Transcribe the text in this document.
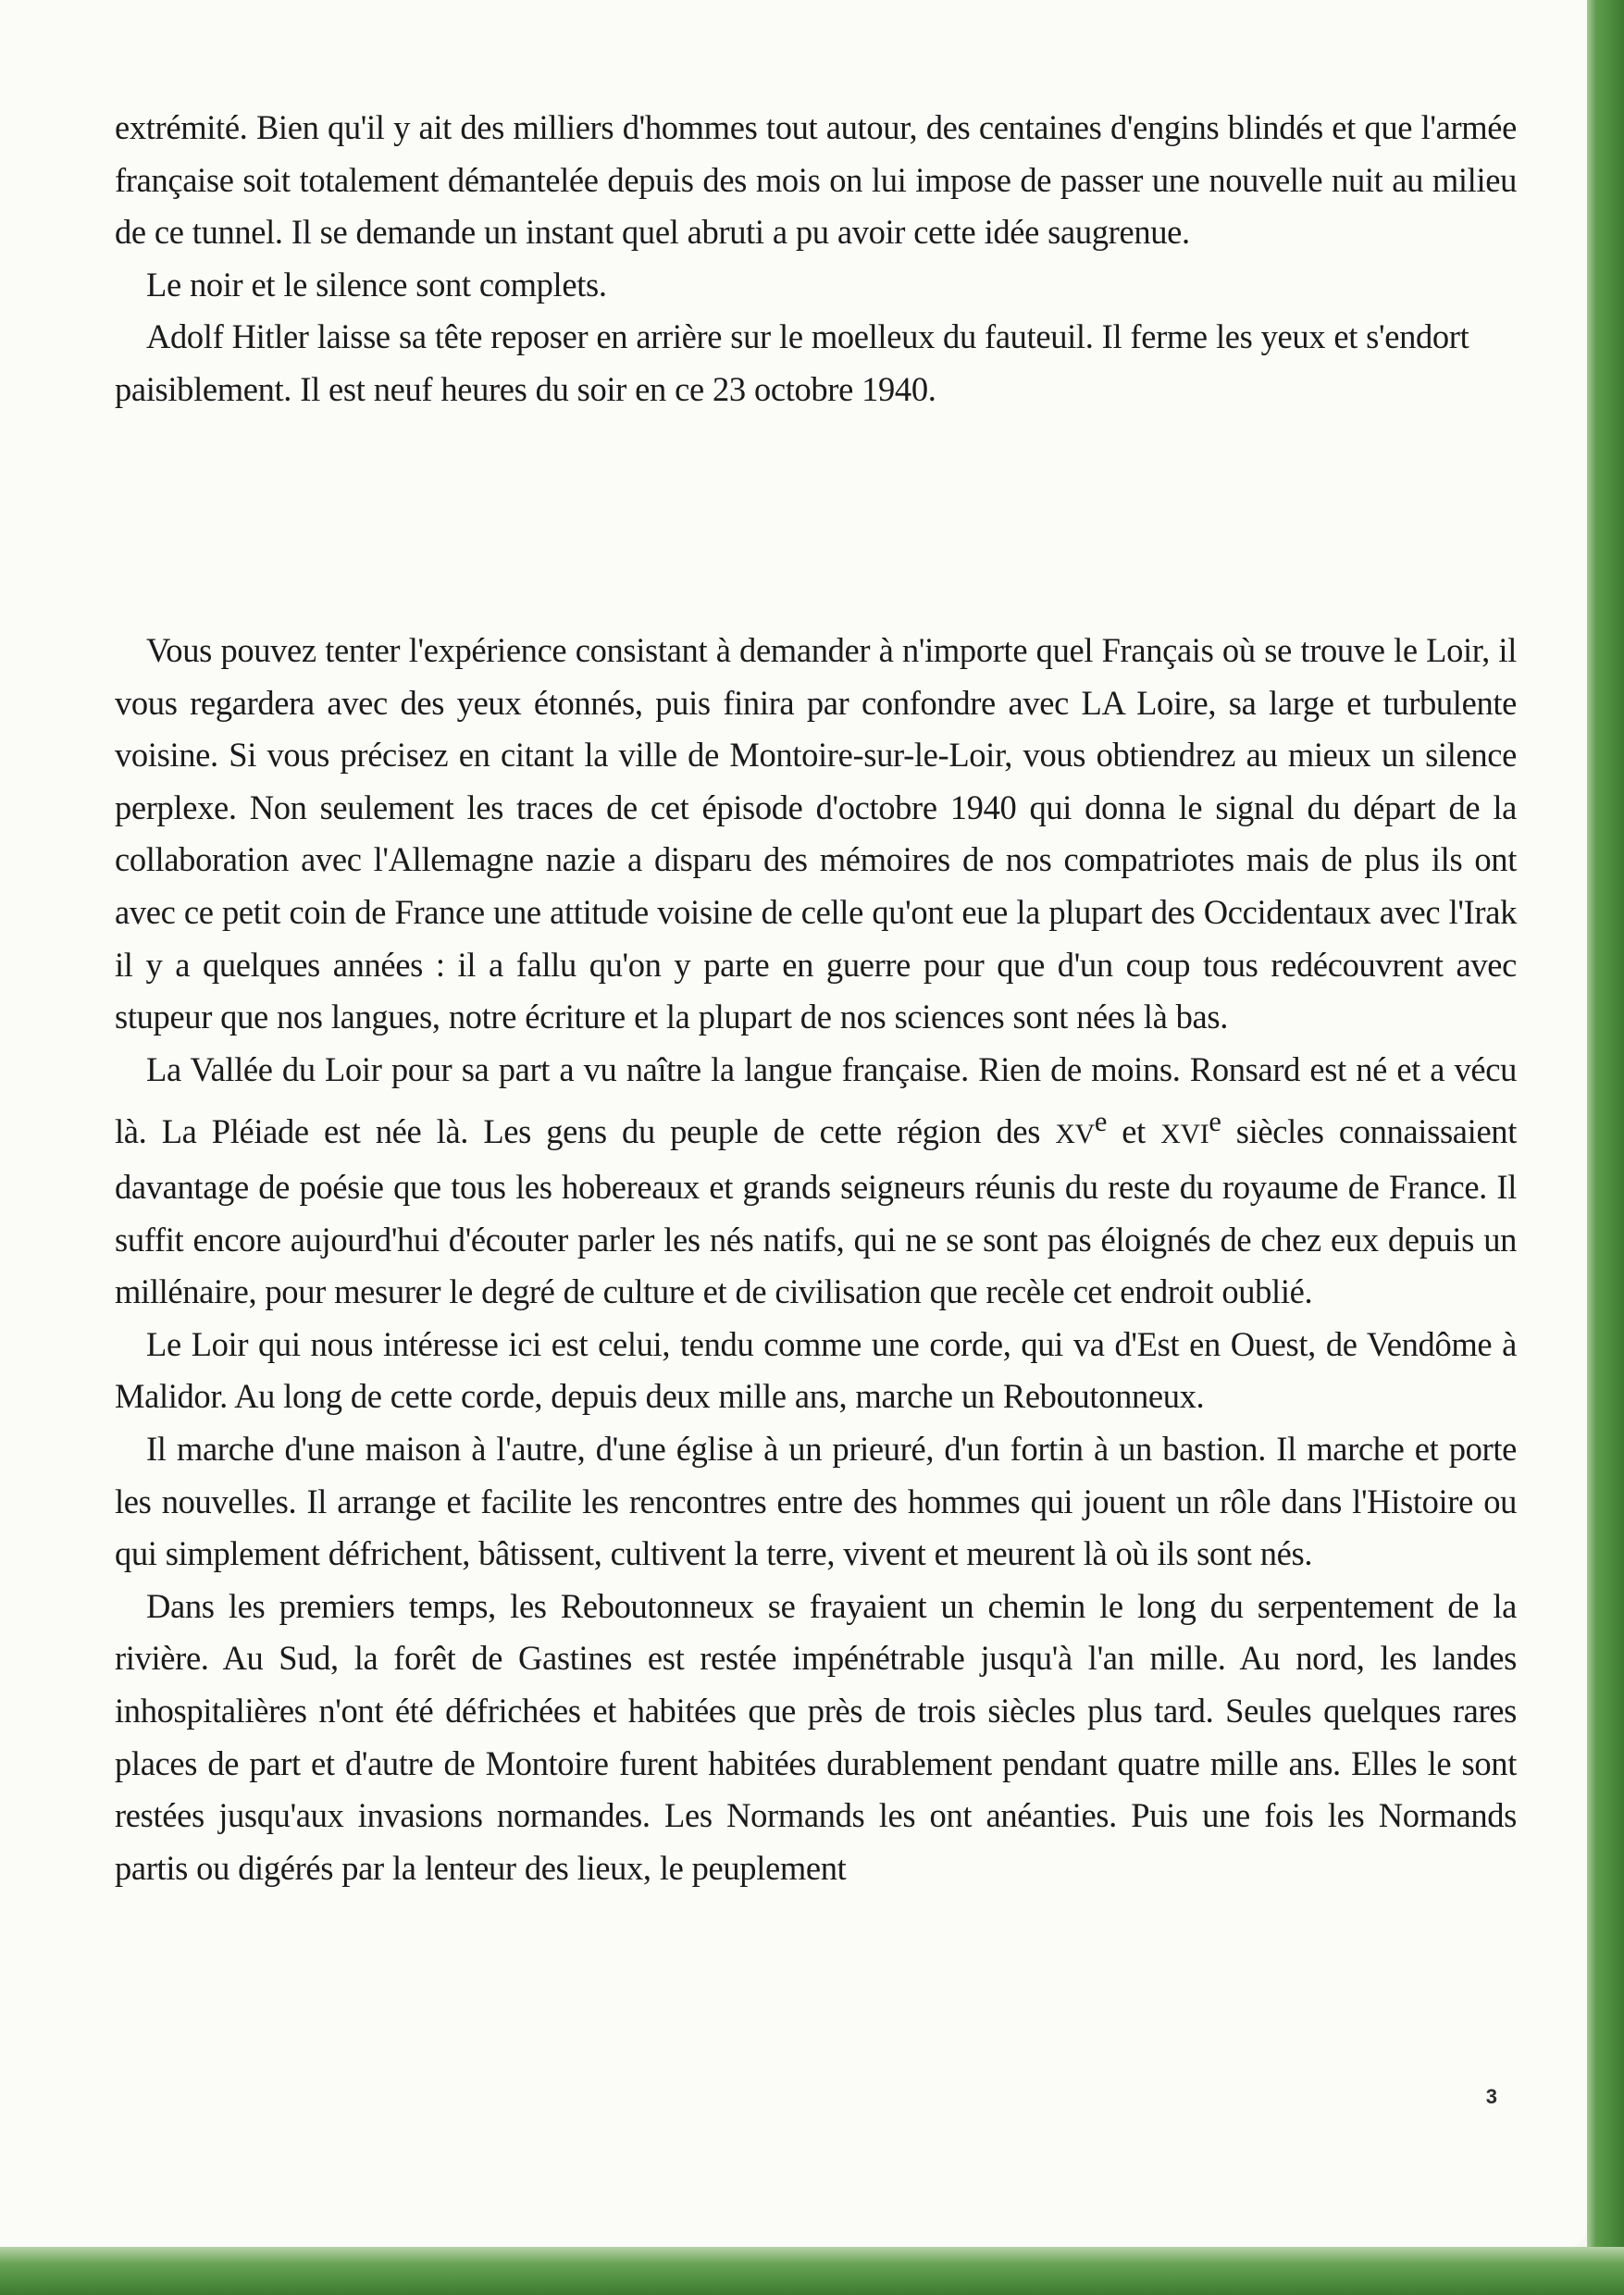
extrémité. Bien qu'il y ait des milliers d'hommes tout autour, des centaines d'engins blindés et que l'armée française soit totalement démantelée depuis des mois on lui impose de passer une nouvelle nuit au milieu de ce tunnel. Il se demande un instant quel abruti a pu avoir cette idée saugrenue.

Le noir et le silence sont complets.

Adolf Hitler laisse sa tête reposer en arrière sur le moelleux du fauteuil. Il ferme les yeux et s'endort paisiblement. Il est neuf heures du soir en ce 23 octobre 1940.

Vous pouvez tenter l'expérience consistant à demander à n'importe quel Français où se trouve le Loir, il vous regardera avec des yeux étonnés, puis finira par confondre avec LA Loire, sa large et turbulente voisine. Si vous précisez en citant la ville de Montoire-sur-le-Loir, vous obtiendrez au mieux un silence perplexe. Non seulement les traces de cet épisode d'octobre 1940 qui donna le signal du départ de la collaboration avec l'Allemagne nazie a disparu des mémoires de nos compatriotes mais de plus ils ont avec ce petit coin de France une attitude voisine de celle qu'ont eue la plupart des Occidentaux avec l'Irak il y a quelques années : il a fallu qu'on y parte en guerre pour que d'un coup tous redécouvrent avec stupeur que nos langues, notre écriture et la plupart de nos sciences sont nées là bas.

La Vallée du Loir pour sa part a vu naître la langue française. Rien de moins. Ronsard est né et a vécu là. La Pléiade est née là. Les gens du peuple de cette région des XVe et XVIe siècles connaissaient davantage de poésie que tous les hobereaux et grands seigneurs réunis du reste du royaume de France. Il suffit encore aujourd'hui d'écouter parler les nés natifs, qui ne se sont pas éloignés de chez eux depuis un millénaire, pour mesurer le degré de culture et de civilisation que recèle cet endroit oublié.

Le Loir qui nous intéresse ici est celui, tendu comme une corde, qui va d'Est en Ouest, de Vendôme à Malidor. Au long de cette corde, depuis deux mille ans, marche un Reboutonneux.

Il marche d'une maison à l'autre, d'une église à un prieuré, d'un fortin à un bastion. Il marche et porte les nouvelles. Il arrange et facilite les rencontres entre des hommes qui jouent un rôle dans l'Histoire ou qui simplement défrichent, bâtissent, cultivent la terre, vivent et meurent là où ils sont nés.

Dans les premiers temps, les Reboutonneux se frayaient un chemin le long du serpentement de la rivière. Au Sud, la forêt de Gastines est restée impénétrable jusqu'à l'an mille. Au nord, les landes inhospitalières n'ont été défrichées et habitées que près de trois siècles plus tard. Seules quelques rares places de part et d'autre de Montoire furent habitées durablement pendant quatre mille ans. Elles le sont restées jusqu'aux invasions normandes. Les Normands les ont anéanties. Puis une fois les Normands partis ou digérés par la lenteur des lieux, le peuplement

3
